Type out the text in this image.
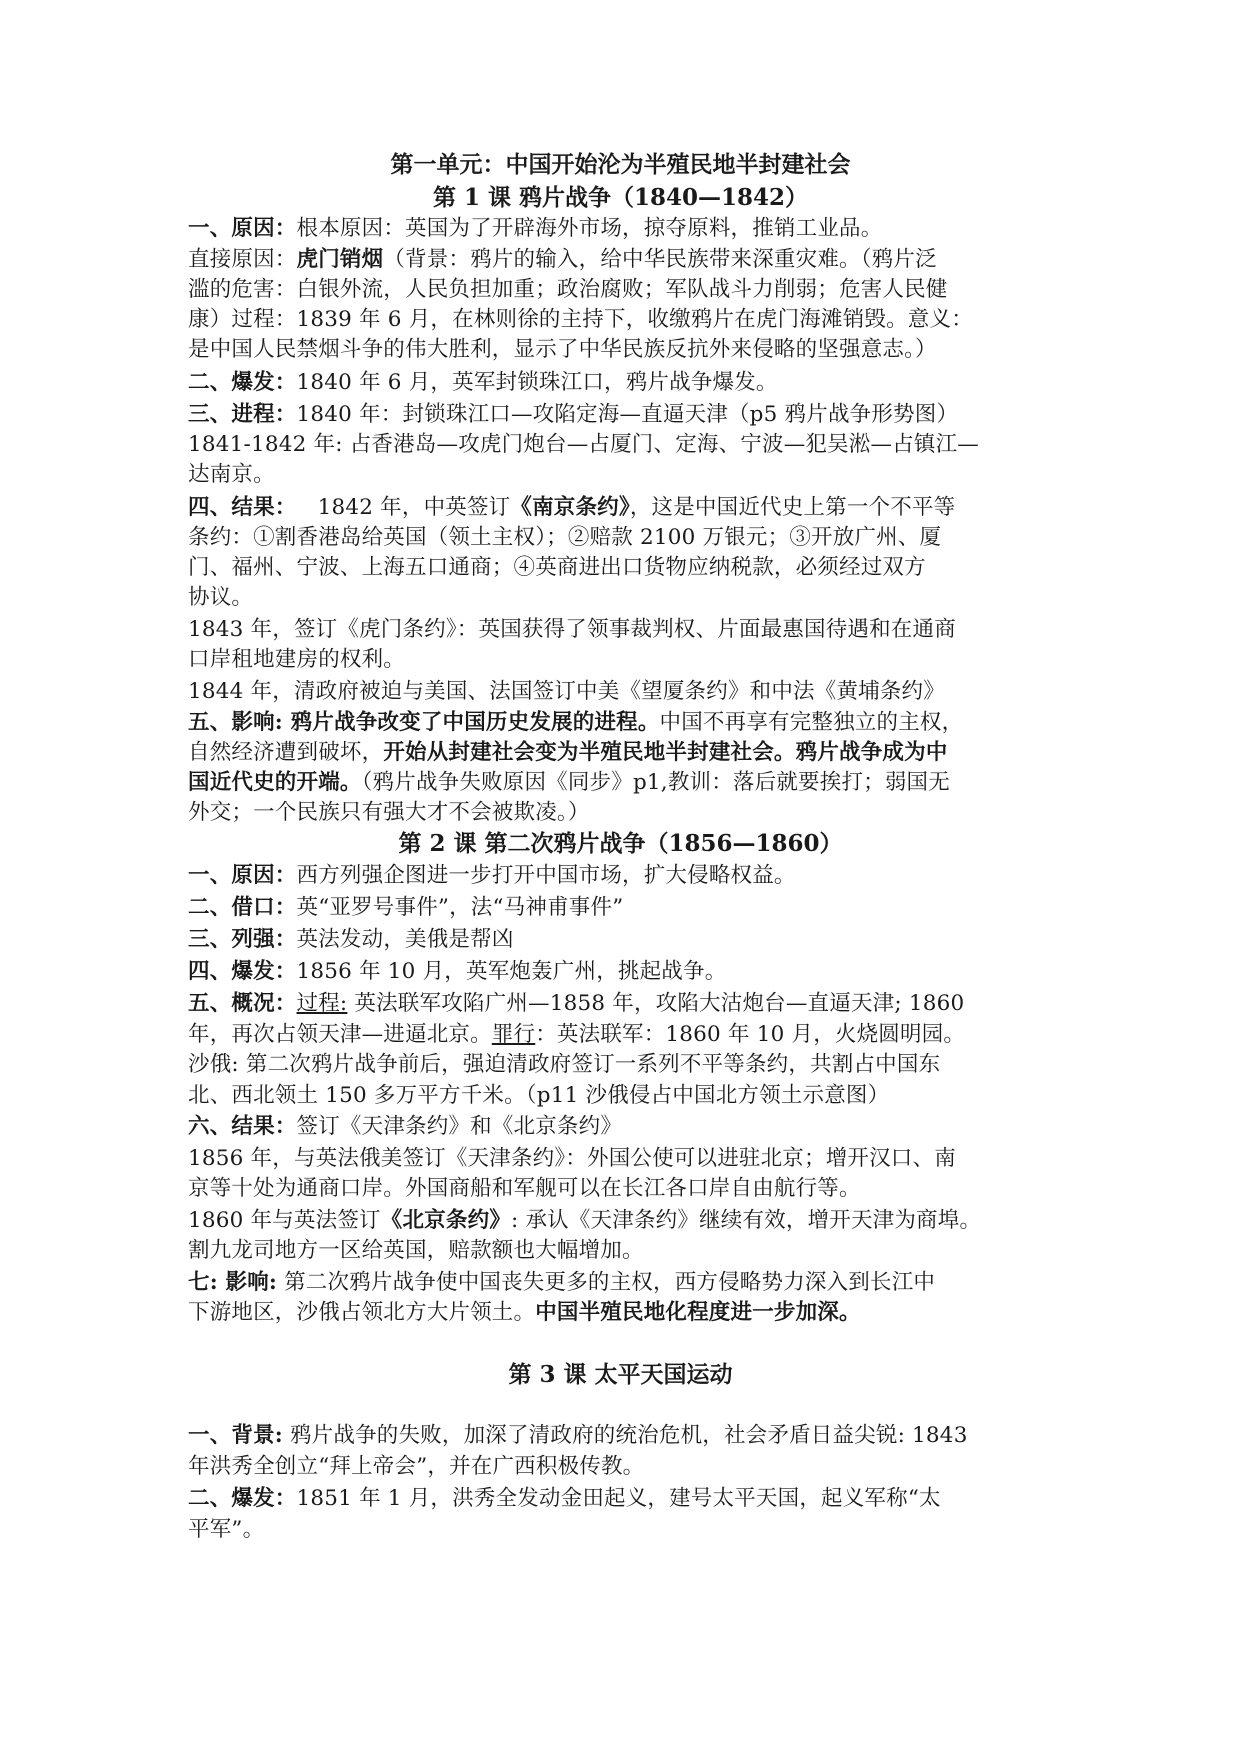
第一单元：中国开始沦为半殖民地半封建社会
第 1 课 鸦片战争（1840—1842）
一、原因：根本原因：英国为了开辟海外市场，掠夺原料，推销工业品。
直接原因：虎门销烟（背景：鸦片的输入，给中华民族带来深重灾难。（鸦片泛
滥的危害：白银外流，人民负担加重；政治腐败；军队战斗力削弱；危害人民健
康）过程：1839 年 6 月，在林则徐的主持下，收缴鸦片在虎门海滩销毁。意义：
是中国人民禁烟斗争的伟大胜利，显示了中华民族反抗外来侵略的坚强意志。）
二、爆发：1840 年 6 月，英军封锁珠江口，鸦片战争爆发。
三、进程：1840 年：封锁珠江口—攻陷定海—直逼天津（p5 鸦片战争形势图）
1841-1842 年: 占香港岛—攻虎门炮台—占厦门、定海、宁波—犯吴淞—占镇江—
达南京。
四、结果：   1842 年，中英签订《南京条约》，这是中国近代史上第一个不平等
条约：①割香港岛给英国（领土主权）；②赔款 2100 万银元；③开放广州、厦
门、福州、宁波、上海五口通商；④英商进出口货物应纳税款，必须经过双方
协议。
1843 年，签订《虎门条约》：英国获得了领事裁判权、片面最惠国待遇和在通商
口岸租地建房的权利。
1844 年，清政府被迫与美国、法国签订中美《望厦条约》和中法《黄埔条约》
五、影响: 鸦片战争改变了中国历史发展的进程。中国不再享有完整独立的主权，
自然经济遭到破坏，开始从封建社会变为半殖民地半封建社会。鸦片战争成为中
国近代史的开端。（鸦片战争失败原因《同步》p1,教训：落后就要挨打；弱国无
外交；一个民族只有强大才不会被欺凌。）
第 2 课 第二次鸦片战争（1856—1860）
一、原因：西方列强企图进一步打开中国市场，扩大侵略权益。
二、借口：英“亚罗号事件”，法“马神甫事件”
三、列强：英法发动，美俄是帮凶
四、爆发：1856 年 10 月，英军炮轰广州，挑起战争。
五、概况：过程: 英法联军攻陷广州—1858 年，攻陷大沽炮台—直逼天津; 1860
年，再次占领天津—进逼北京。罪行：英法联军：1860 年 10 月，火烧圆明园。
沙俄: 第二次鸦片战争前后，强迫清政府签订一系列不平等条约，共割占中国东
北、西北领土 150 多万平方千米。（p11 沙俄侵占中国北方领土示意图）
六、结果：签订《天津条约》和《北京条约》
1856 年，与英法俄美签订《天津条约》：外国公使可以进驻北京；增开汉口、南
京等十处为通商口岸。外国商船和军舰可以在长江各口岸自由航行等。
1860 年与英法签订《北京条约》: 承认《天津条约》继续有效，增开天津为商埠。
割九龙司地方一区给英国，赔款额也大幅增加。
七: 影响: 第二次鸦片战争使中国丧失更多的主权，西方侵略势力深入到长江中
下游地区，沙俄占领北方大片领土。中国半殖民地化程度进一步加深。
第 3 课 太平天国运动
一、背景: 鸦片战争的失败，加深了清政府的统治危机，社会矛盾日益尖锐: 1843
年洪秀全创立“拜上帝会”，并在广西积极传教。
二、爆发：1851 年 1 月，洪秀全发动金田起义，建号太平天国，起义军称“太
平军”。
